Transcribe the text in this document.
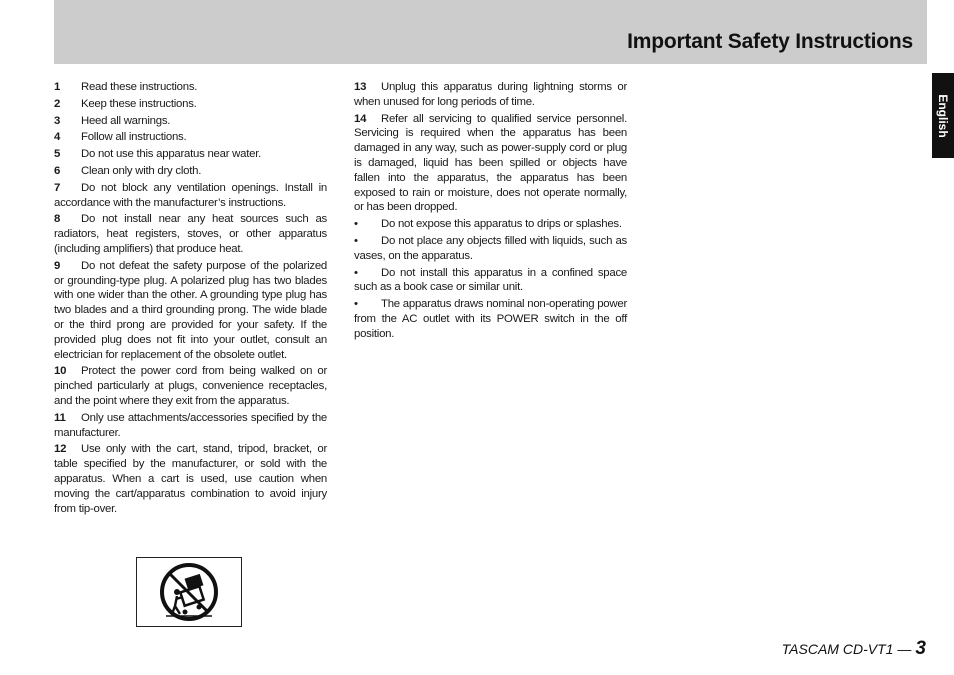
Important Safety Instructions
English

1 Read these instructions.

2 Keep these instructions.

3 Heed all warnings.

4 Follow all instructions.

5 Do not use this apparatus near water.

6 Clean only with dry cloth.

7 Do not block any ventilation openings. Install in accordance with the manufacturer’s instructions.

8 Do not install near any heat sources such as radiators, heat registers, stoves, or other apparatus (including amplifiers) that produce heat.

9 Do not defeat the safety purpose of the polarized or grounding-type plug. A polarized plug has two blades with one wider than the other. A grounding type plug has two blades and a third grounding prong. The wide blade or the third prong are provided for your safety. If the provided plug does not fit into your outlet, consult an electrician for replacement of the obsolete outlet.

10 Protect the power cord from being walked on or pinched particularly at plugs, convenience receptacles, and the point where they exit from the apparatus.

11 Only use attachments/accessories specified by the manufacturer.

12 Use only with the cart, stand, tripod, bracket, or table specified by the manufacturer, or sold with the apparatus. When a cart is used, use caution when moving the cart/apparatus combination to avoid injury from tip-over.

13 Unplug this apparatus during lightning storms or when unused for long periods of time.

14 Refer all servicing to qualified service personnel. Servicing is required when the apparatus has been damaged in any way, such as power-supply cord or plug is damaged, liquid has been spilled or objects have fallen into the apparatus, the apparatus has been exposed to rain or moisture, does not operate normally, or has been dropped.

• Do not expose this apparatus to drips or splashes.

• Do not place any objects filled with liquids, such as vases, on the apparatus.

• Do not install this apparatus in a confined space such as a book case or similar unit.

• The apparatus draws nominal non-operating power from the AC outlet with its POWER switch in the off position.

TASCAM CD-VT1 — 3
